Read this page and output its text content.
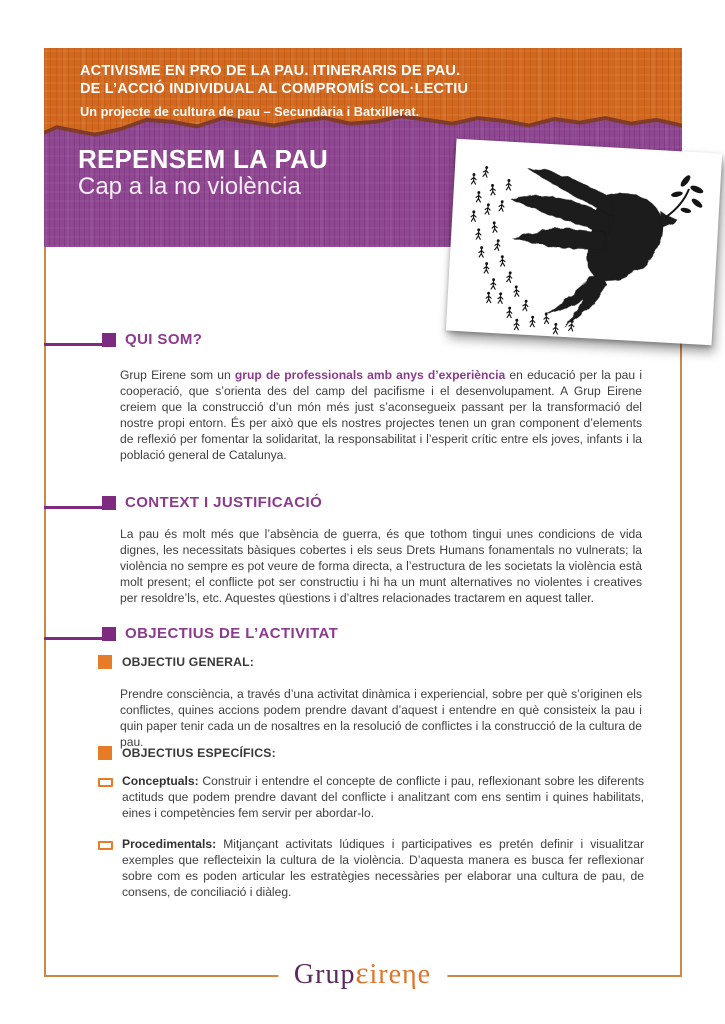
ACTIVISME EN PRO DE LA PAU. ITINERARIS DE PAU.
DE L’ACCIÓ INDIVIDUAL AL COMPROMÍS COL·LECTIU
Un projecte de cultura de pau – Secundària i Batxillerat.
REPENSEM LA PAU
Cap a la no violència
QUI SOM?
Grup Eirene som un grup de professionals amb anys d’experiència en educació per la pau i cooperació, que s’orienta des del camp del pacifisme i el desenvolupament. A Grup Eirene creiem que la construcció d’un món més just s’aconsegueix passant per la transformació del nostre propi entorn. És per això que els nostres projectes tenen un gran component d’elements de reflexió per fomentar la solidaritat, la responsabilitat i l’esperit crític entre els joves, infants i la població general de Catalunya.
CONTEXT I JUSTIFICACIÓ
La pau és molt més que l’absència de guerra, és que tothom tingui unes condicions de vida dignes, les necessitats bàsiques cobertes i els seus Drets Humans fonamentals no vulnerats; la violència no sempre es pot veure de forma directa, a l’estructura de les societats la violència està molt present; el conflicte pot ser constructiu i hi ha un munt alternatives no violentes i creatives per resoldre’ls, etc. Aquestes qüestions i d’altres relacionades tractarem en aquest taller.
OBJECTIUS DE L’ACTIVITAT
OBJECTIU GENERAL:
Prendre consciència, a través d’una activitat dinàmica i experiencial, sobre per què s’originen els conflictes, quines accions podem prendre davant d’aquest i entendre en què consisteix la pau i quin paper tenir cada un de nosaltres en la resolució de conflictes i la construcció de la cultura de pau.
OBJECTIUS ESPECÍFICS:
Conceptuals: Construir i entendre el concepte de conflicte i pau, reflexionant sobre les diferents actituds que podem prendre davant del conflicte i analitzant com ens sentim i quines habilitats, eines i competències fem servir per abordar-lo.
Procedimentals: Mitjançant activitats lúdiques i participatives es pretén definir i visualitzar exemples que reflecteixin la cultura de la violència. D’aquesta manera es busca fer reflexionar sobre com es poden articular les estratègies necessàries per elaborar una cultura de pau, de consens, de conciliació i diàleg.
Grupεireηe
